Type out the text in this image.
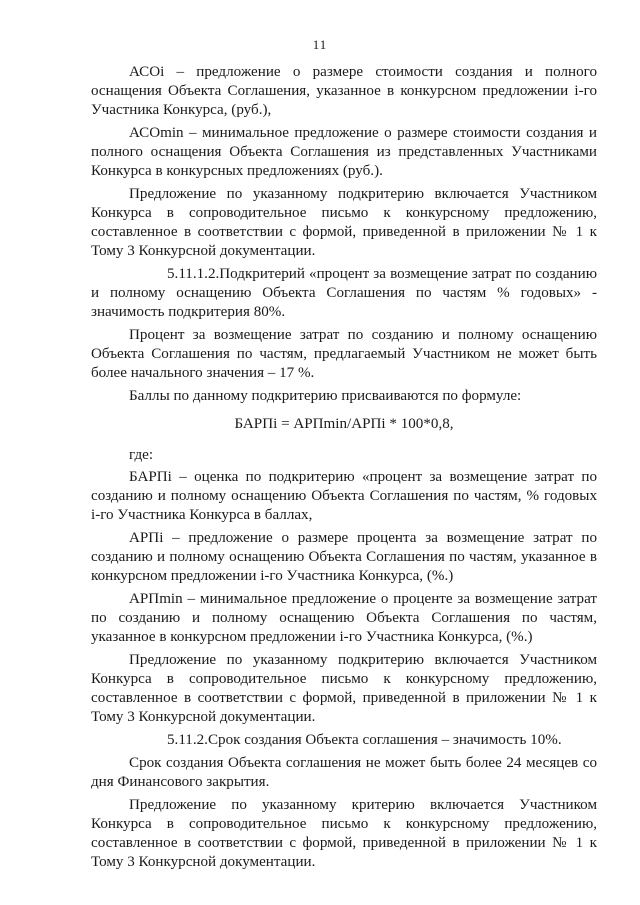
11

АСОi – предложение о размере стоимости создания и полного оснащения Объекта Соглашения, указанное в конкурсном предложении i-го Участника Конкурса, (руб.),

АСОmin – минимальное предложение о размере стоимости создания и полного оснащения Объекта Соглашения из представленных Участниками Конкурса в конкурсных предложениях (руб.).

Предложение по указанному подкритерию включается Участником Конкурса в сопроводительное письмо к конкурсному предложению, составленное в соответствии с формой, приведенной в приложении № 1 к Тому 3 Конкурсной документации.

5.11.1.2.Подкритерий «процент за возмещение затрат по созданию и полному оснащению Объекта Соглашения по частям % годовых» - значимость подкритерия 80%.

Процент за возмещение затрат по созданию и полному оснащению Объекта Соглашения по частям, предлагаемый Участником не может быть более начального значения – 17 %.

Баллы по данному подкритерию присваиваются по формуле:

БАРПi = АРПmin/АРПi * 100*0,8,

где:

БАРПi – оценка по подкритерию «процент за возмещение затрат по созданию и полному оснащению Объекта Соглашения по частям, % годовых i-го Участника Конкурса в баллах,

АРПi – предложение о размере процента за возмещение затрат по созданию и полному оснащению Объекта Соглашения по частям, указанное в конкурсном предложении i-го Участника Конкурса, (%.)

АРПmin – минимальное предложение о проценте за возмещение затрат по созданию и полному оснащению Объекта Соглашения по частям, указанное в конкурсном предложении i-го Участника Конкурса, (%.)

Предложение по указанному подкритерию включается Участником Конкурса в сопроводительное письмо к конкурсному предложению, составленное в соответствии с формой, приведенной в приложении № 1 к Тому 3 Конкурсной документации.

5.11.2.Срок создания Объекта соглашения – значимость 10%.

Срок создания Объекта соглашения не может быть более 24 месяцев со дня Финансового закрытия.

Предложение по указанному критерию включается Участником Конкурса в сопроводительное письмо к конкурсному предложению, составленное в соответствии с формой, приведенной в приложении № 1 к Тому 3 Конкурсной документации.
